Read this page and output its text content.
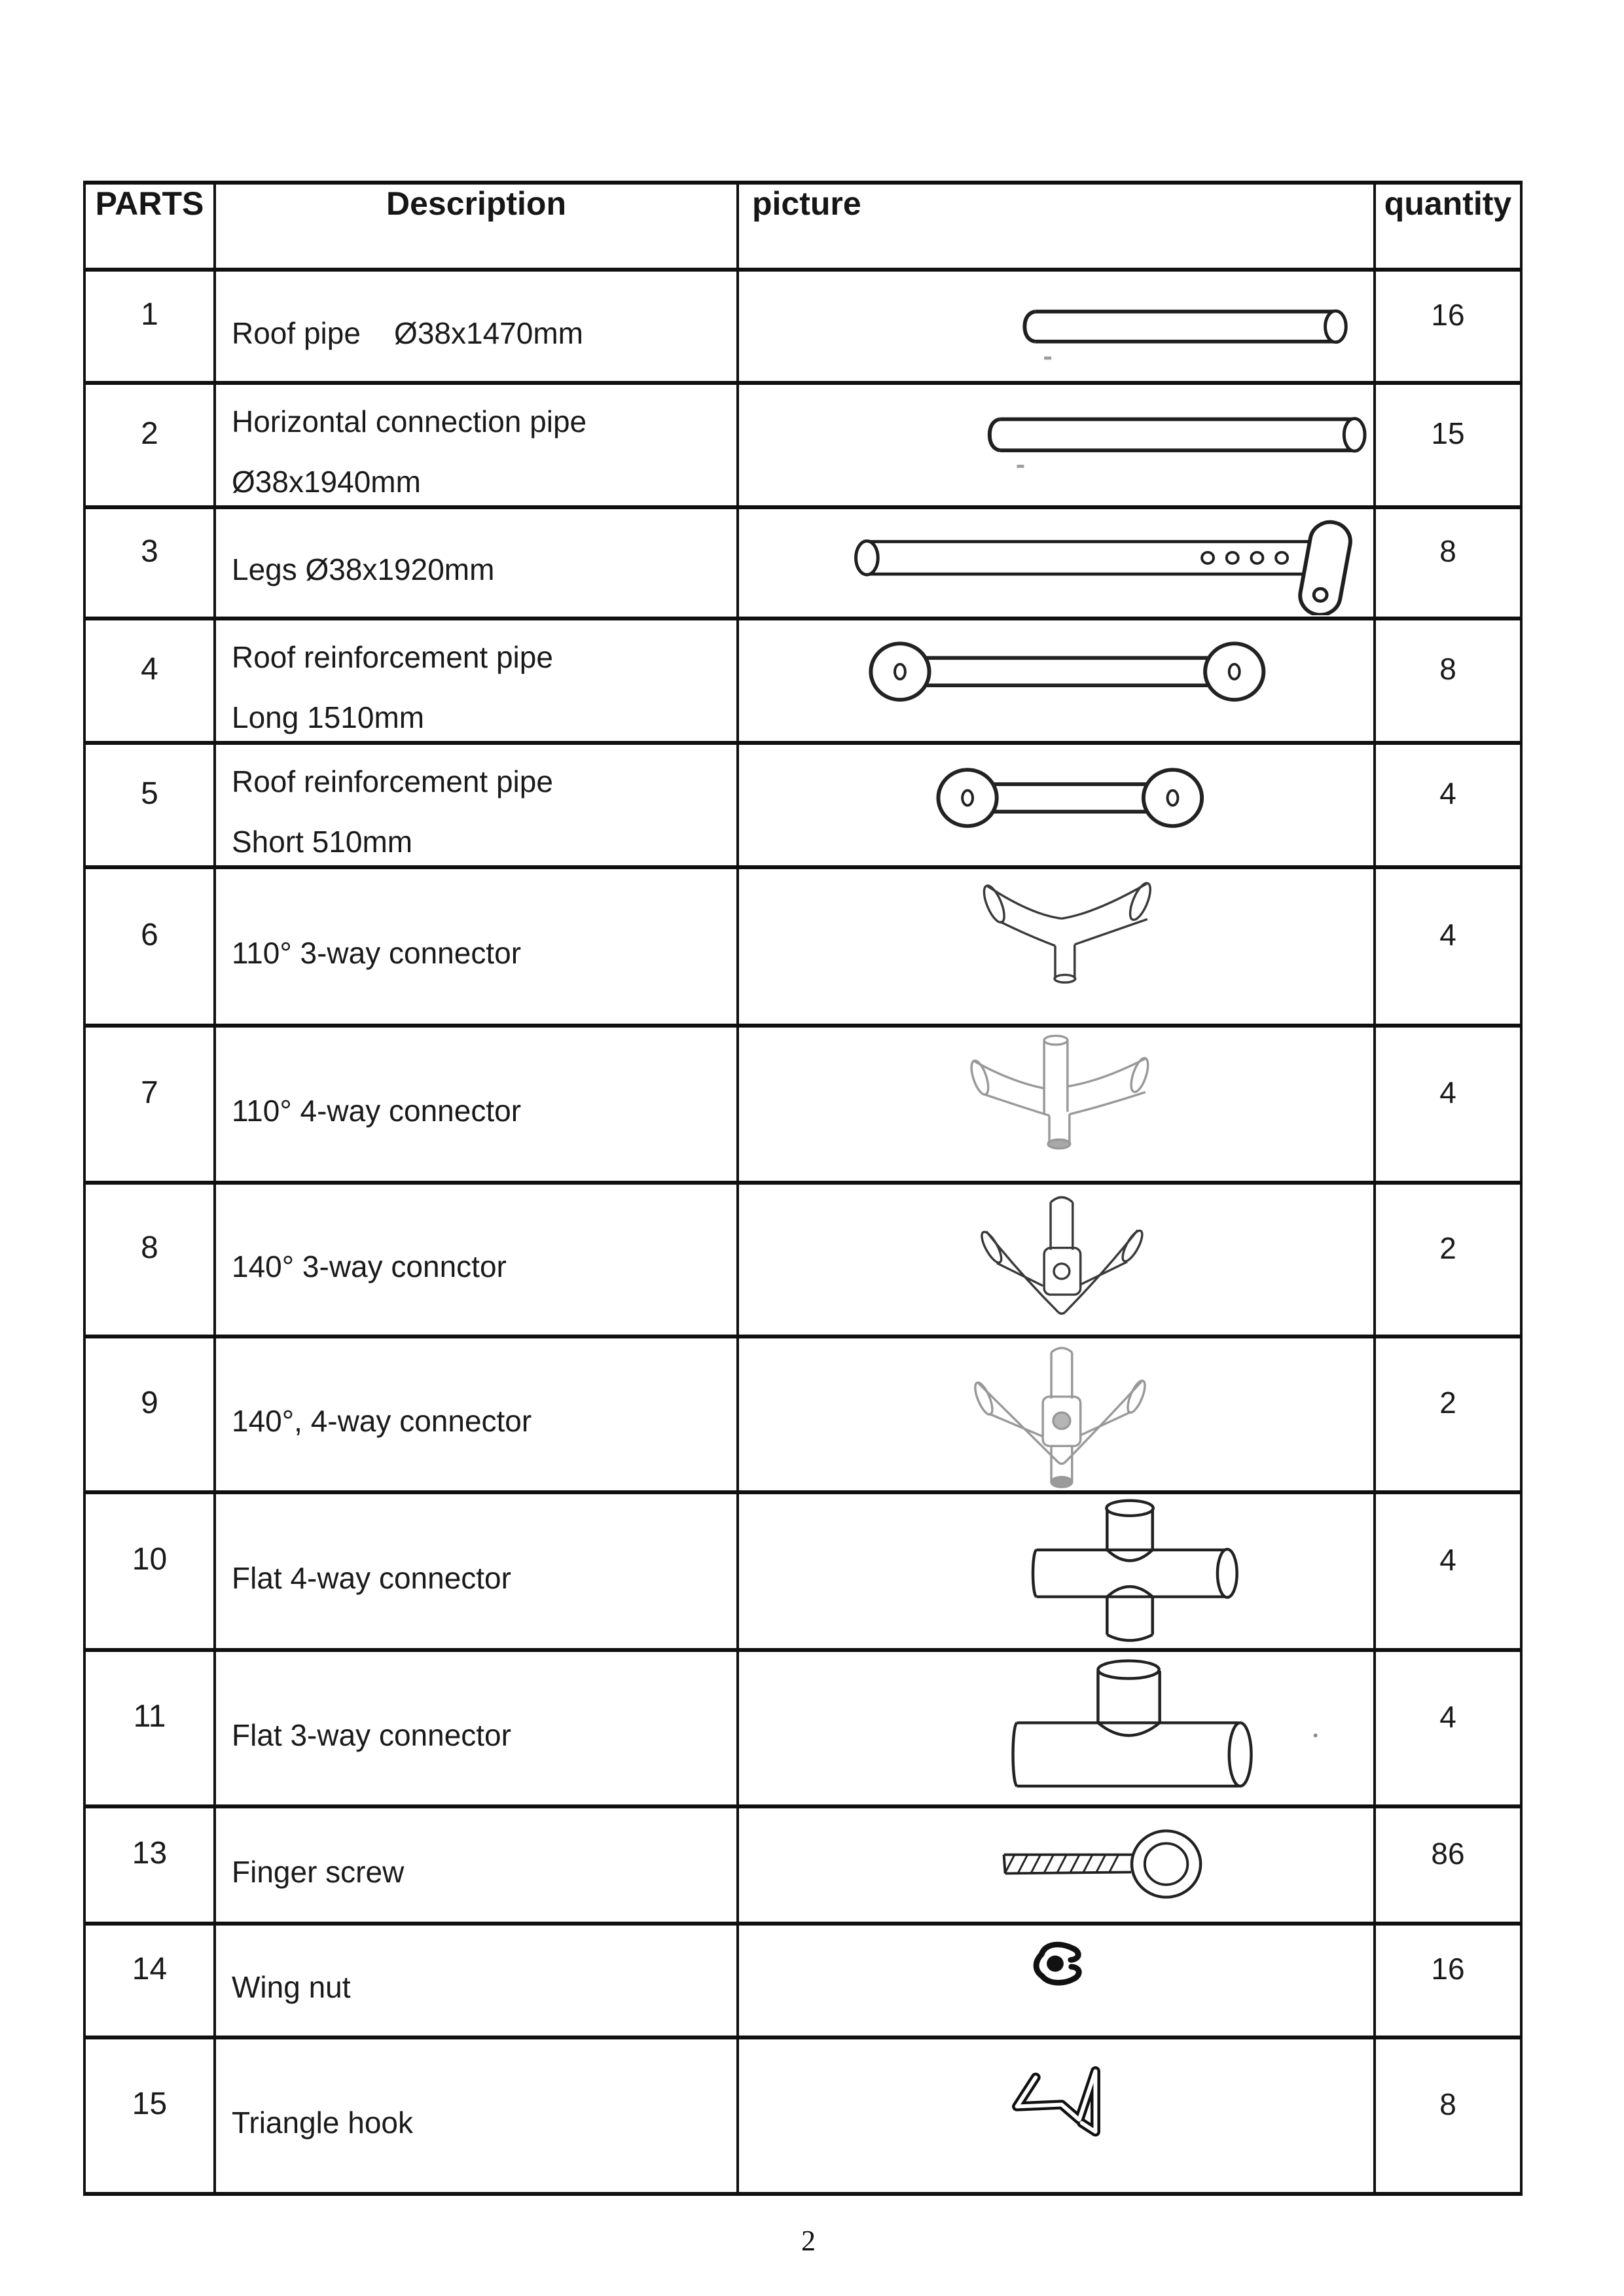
PARTS	Description	picture	quantity

1	Roof pipe    Ø38x1470mm		16

2	Horizontal connection pipe
Ø38x1940mm		15

3	Legs Ø38x1920mm		8

4	Roof reinforcement pipe
Long 1510mm		8

5	Roof reinforcement pipe
Short 510mm		4

6	110° 3-way connector		4

7	110° 4-way connector		4

8	140° 3-way connctor		2

9	140°, 4-way connector		2

10	Flat 4-way connector		4

11	Flat 3-way connector		4

13	Finger screw		86

14	Wing nut		16

15	Triangle hook		8
2
